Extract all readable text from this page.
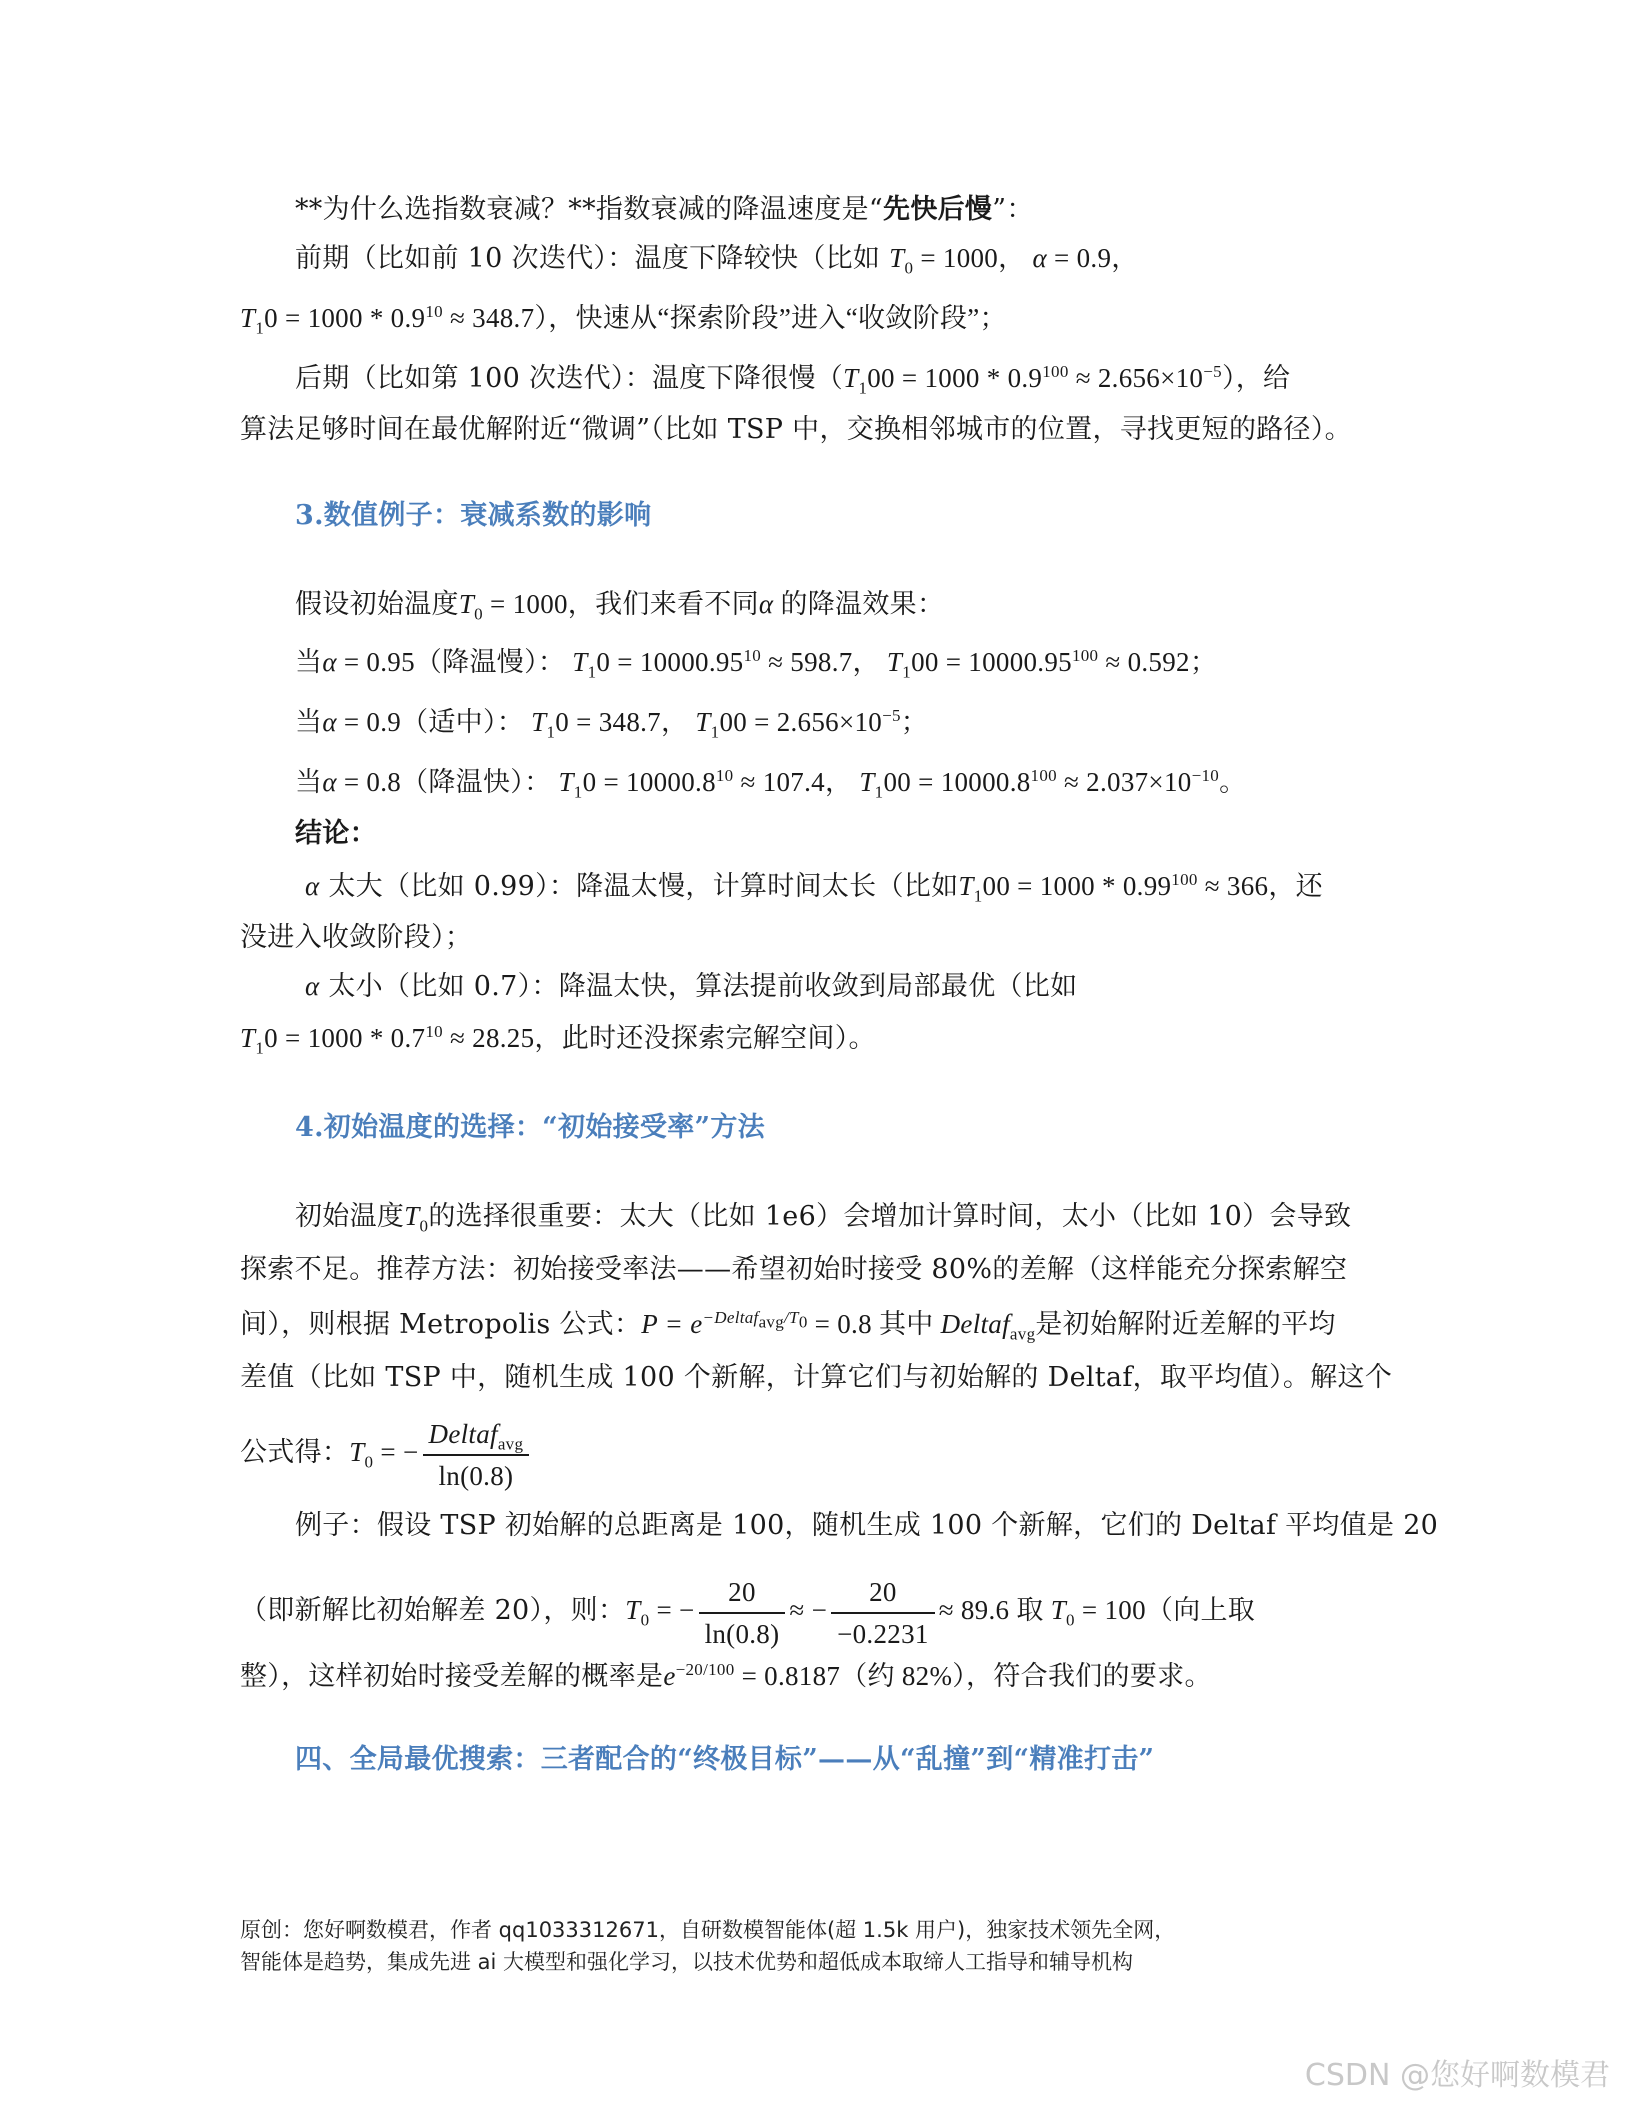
**为什么选指数衰减？**指数衰减的降温速度是“先快后慢”：
前期（比如前 10 次迭代）：温度下降较快（比如 $T_0 = 1000$， α = 0.9，
$T_10 = 1000 * 0.9^{10} \approx 348.7$），快速从“探索阶段”进入“收敛阶段”；
后期（比如第 100 次迭代）：温度下降很慢$(T_100 = 1000 * 0.9^{100} \approx 2.656\times 10^{-5})$，给
算法足够时间在最优解附近“微调”（比如 TSP 中，交换相邻城市的位置，寻找更短的路径）。
3.数值例子：衰减系数的影响
假设初始温度$T_0 = 1000$，我们来看不同α 的降温效果：
当α = 0.95（降温慢）： $T_10 = 10000.95^{10} \approx 598.7$， $T_100 = 10000.95^{100} \approx 0.592$；
当α = 0.9（适中）： $T_10 = 348.7$， $T_100 = 2.656\times 10^{-5}$；
当α = 0.8（降温快）： $T_10 = 10000.8^{10} \approx 107.4$， $T_100 = 10000.8^{100} \approx 2.037\times 10^{-10}$。
结论：
α 太大（比如 0.99）：降温太慢，计算时间太长（比如$T_100 = 1000 * 0.99^{100} \approx 366$，还
没进入收敛阶段）；
α 太小（比如 0.7）：降温太快，算法提前收敛到局部最优（比如
$T_10 = 1000 * 0.7^{10} \approx 28.25$，此时还没探索完解空间）。
4.初始温度的选择：“初始接受率”方法
初始温度$T_0$的选择很重要：太大（比如 1e6）会增加计算时间，太小（比如 10）会导致
探索不足。推荐方法：初始接受率法——希望初始时接受 80%的差解（这样能充分探索解空
间），则根据 Metropolis 公式：$P = e^{-Deltaf_{avg}/T_0} = 0.8$ 其中 Deltaf$_{avg}$是初始解附近差解的平均
差值（比如 TSP 中，随机生成 100 个新解，计算它们与初始解的 Deltaf，取平均值）。解这个
公式得：$T_0$ = − $\frac{Deltaf_{avg}}{\ln(0.8)}$
例子：假设 TSP 初始解的总距离是 100，随机生成 100 个新解，它们的 Deltaf 平均值是 20
（即新解比初始解差 20），则：$T_0$ = − $\frac{20}{\ln(0.8)}$ ≈ − $\frac{20}{-0.2231} \approx 89.6$ 取 $T_0 = 100$（向上取
整），这样初始时接受差解的概率是$e^{-20/100} = 0.8187$（约 82%），符合我们的要求。
四、全局最优搜索：三者配合的“终极目标”——从“乱撞”到“精准打击”
原创：您好啊数模君，作者 qq1033312671，自研数模智能体(超 1.5k 用户)，独家技术领先全网，
智能体是趋势，集成先进 ai 大模型和强化学习，以技术优势和超低成本取缔人工指导和辅导机构
CSDN @您好啊数模君
